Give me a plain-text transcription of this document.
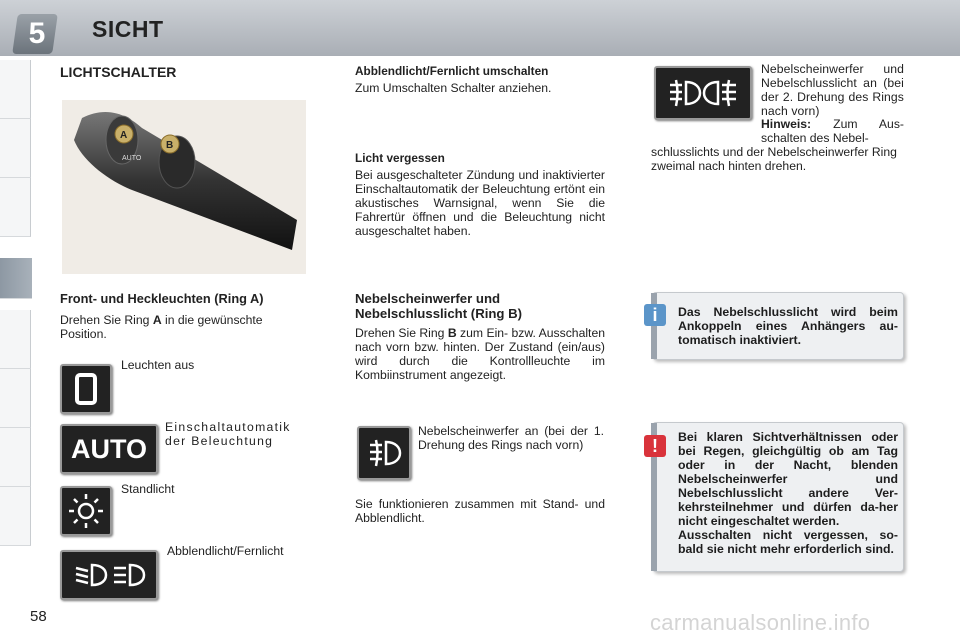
5	SICHT
LICHTSCHALTER
A
B
AUTO
Front- und Heckleuchten (Ring A)

Drehen Sie Ring A in die gewünschte Position.

Leuchten aus

AUTO

Einschaltautomatik der Beleuchtung

Standlicht

Abblendlicht/Fernlicht

58
Abblendlicht/Fernlicht umschalten

Zum Umschalten Schalter anziehen.

Licht vergessen

Bei ausgeschalteter Zündung und inaktivierter Einschaltautomatik der Beleuchtung ertönt ein akustisches Warnsignal, wenn Sie die Fahrertür öffnen und die Beleuchtung nicht ausgeschaltet haben.

Nebelscheinwerfer und Nebelschlusslicht (Ring B)

Drehen Sie Ring B zum Ein- bzw. Ausschalten nach vorn bzw. hinten. Der Zustand (ein/aus) wird durch die Kontrollleuchte im Kombiinstrument angezeigt.

Nebelscheinwerfer an (bei der 1. Drehung des Rings nach vorn)

Sie funktionieren zusammen mit Stand- und Abblendlicht.

Nebelscheinwerfer und Nebelschlusslicht an (bei der 2. Drehung des Rings nach vorn)

Hinweis: Zum Aus-schalten des Nebel-

schlusslichts und der Nebelscheinwerfer Ring zweimal nach hinten drehen.

i	Das Nebelschlusslicht wird beim Ankoppeln eines Anhängers au-tomatisch inaktiviert.
!	Bei klaren Sichtverhältnissen oder bei Regen, gleichgültig ob am Tag oder in der Nacht, blenden Nebelscheinwerfer und Nebelschlusslicht andere Ver-kehrsteilnehmer und dürfen da-her nicht eingeschaltet werden.
Ausschalten nicht vergessen, so-bald sie nicht mehr erforderlich sind.
carmanualsonline.info
